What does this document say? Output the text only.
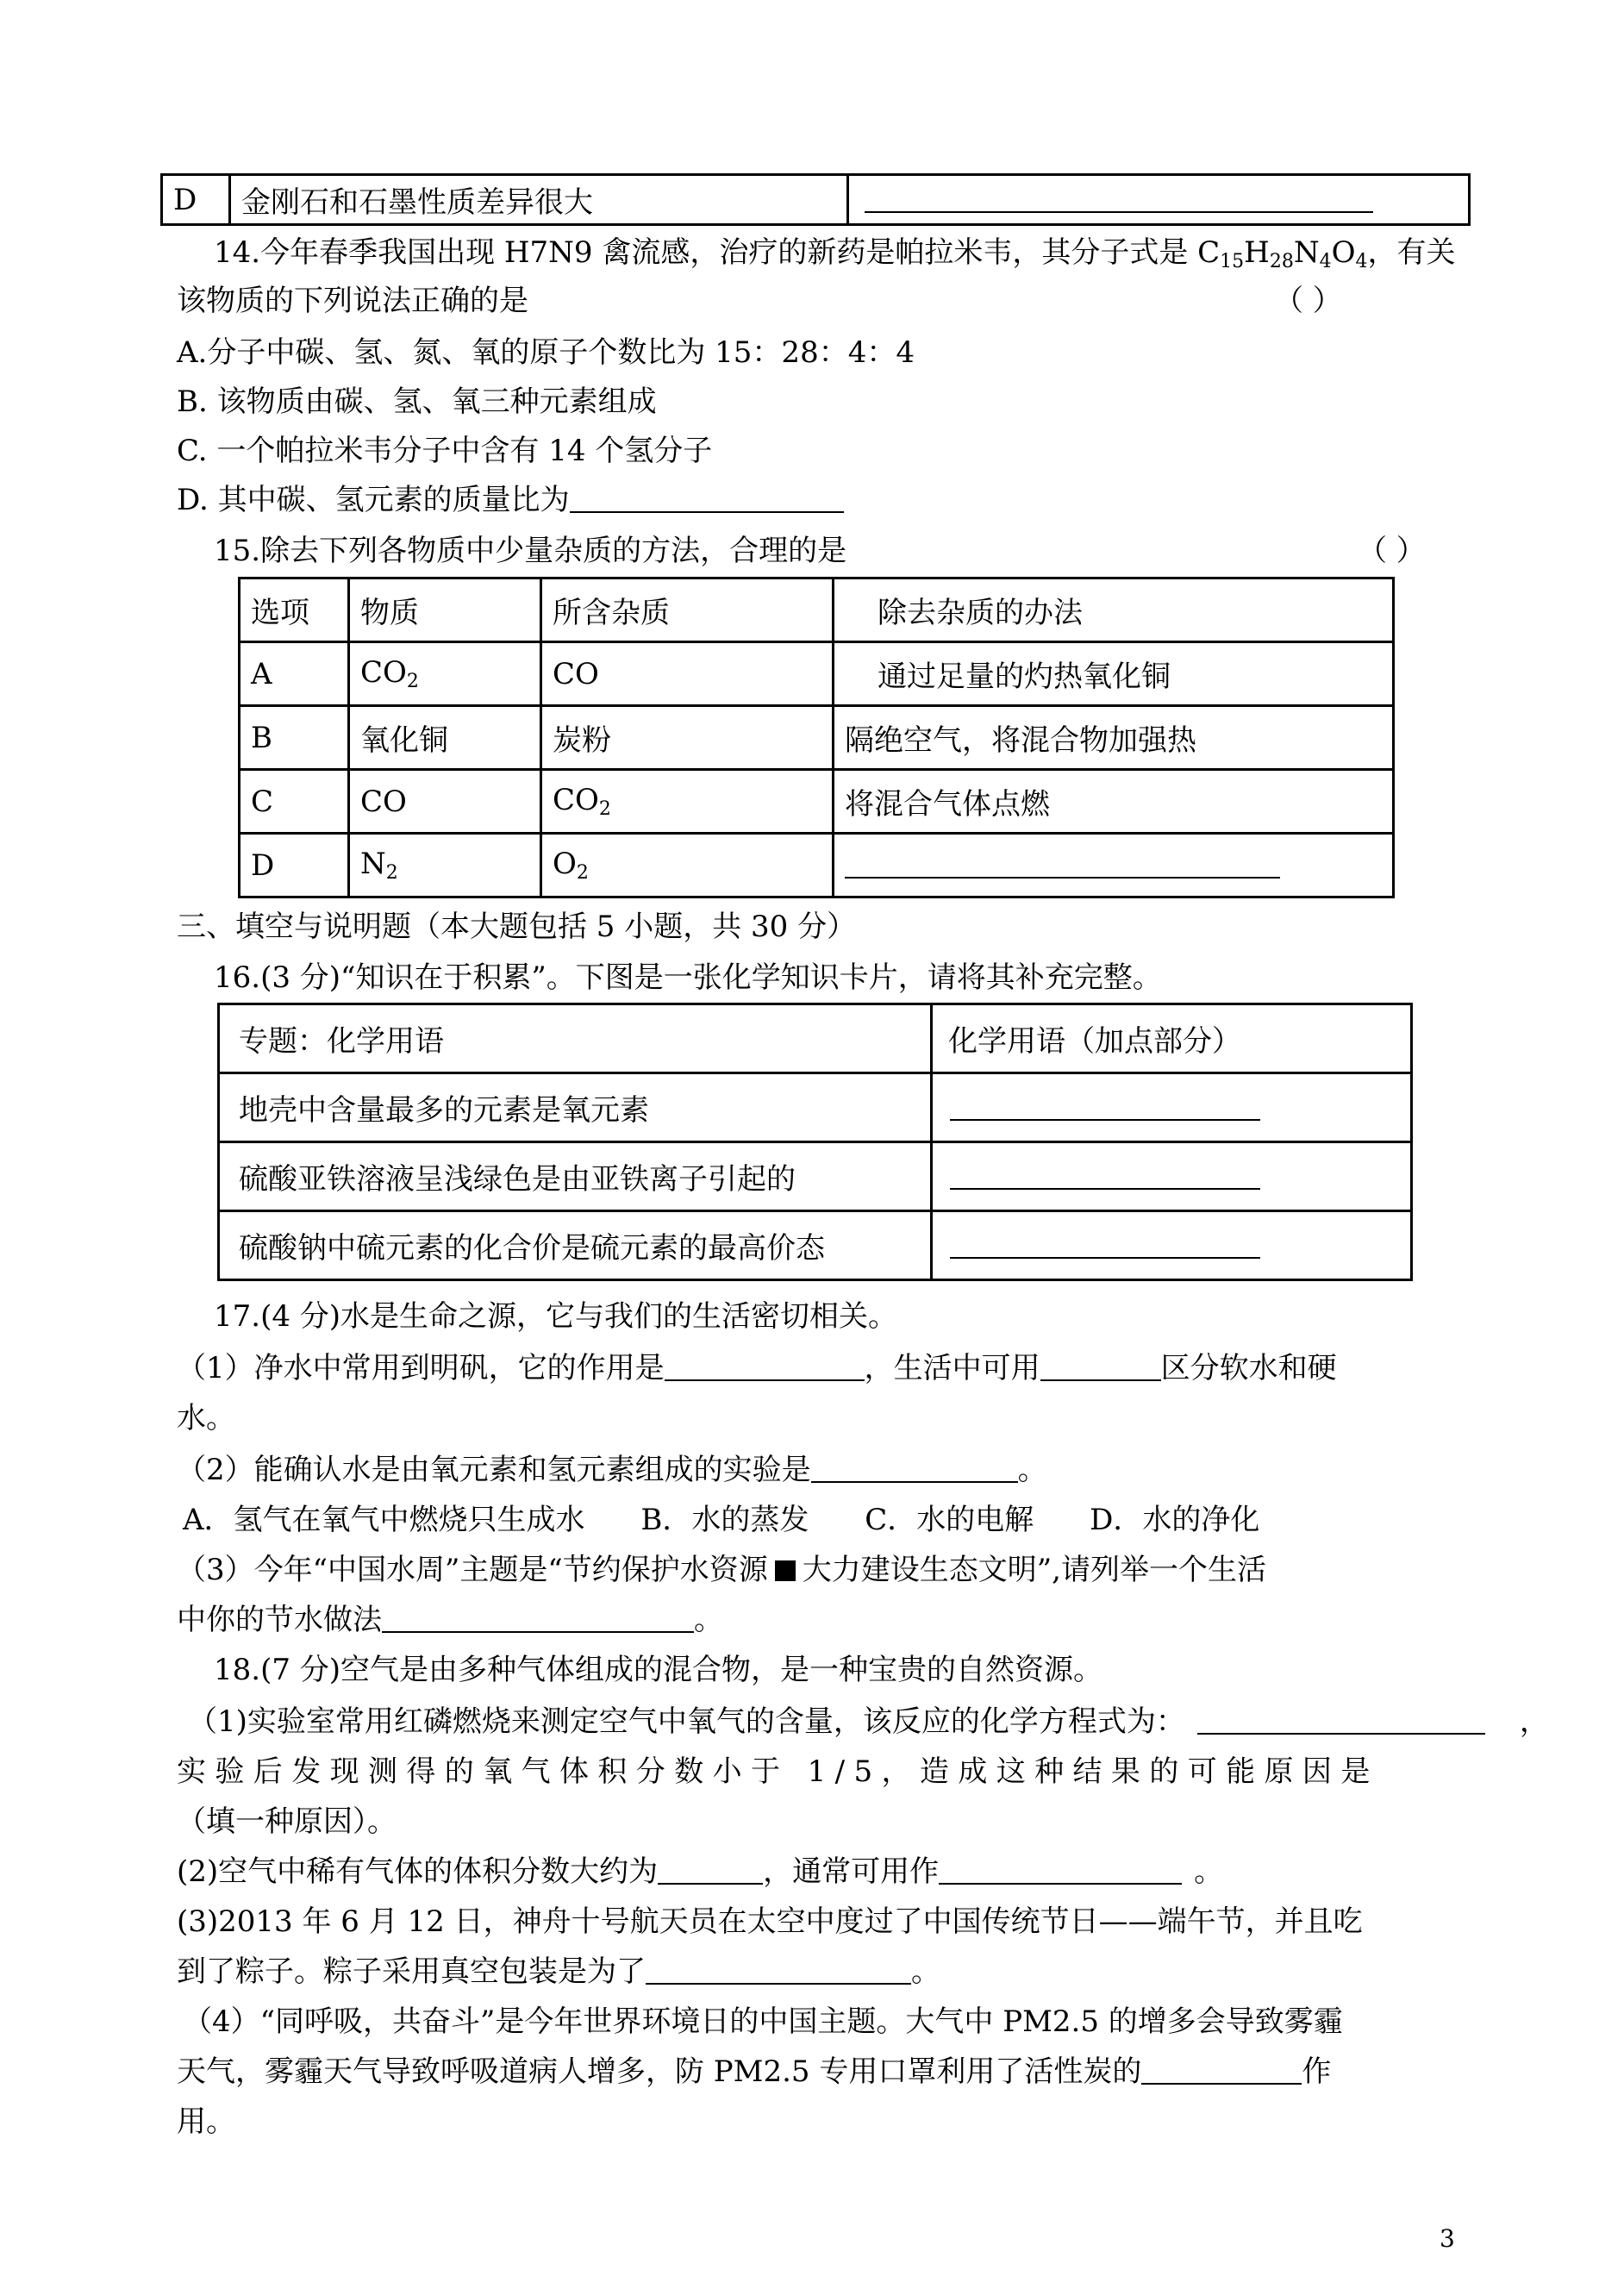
D	金刚石和石墨性质差异很大	
14.今年春季我国出现 H7N9 禽流感，治疗的新药是帕拉米韦，其分子式是 $C_{15}H_{28}N_4O_4$，有关
该物质的下列说法正确的是	（ ）
A.分子中碳、氢、氮、氧的原子个数比为 15：28：4：4
B. 该物质由碳、氢、氧三种元素组成
C. 一个帕拉米韦分子中含有 14 个氢分子
D. 其中碳、氢元素的质量比为
15.除去下列各物质中少量杂质的方法，合理的是	（ ）
选项	物质	所含杂质	除去杂质的办法
A	$CO_2$	CO	通过足量的灼热氧化铜
B	氧化铜	炭粉	隔绝空气，将混合物加强热
C	CO	$CO_2$	将混合气体点燃
D	$N_2$	$O_2$	
三、填空与说明题（本大题包括 5 小题，共 30 分）
16.(3 分)“知识在于积累”。下图是一张化学知识卡片，请将其补充完整。
专题：化学用语	化学用语（加点部分）
地壳中含量最多的元素是氧元素	
硫酸亚铁溶液呈浅绿色是由亚铁离子引起的	
硫酸钠中硫元素的化合价是硫元素的最高价态	
17.(4 分)水是生命之源，它与我们的生活密切相关。
（1）净水中常用到明矾，它的作用是	，生活中可用	区分软水和硬
水。
（2）能确认水是由氧元素和氢元素组成的实验是	。
A．氢气在氧气中燃烧只生成水      B．水的蒸发      C．水的电解      D．水的净化
（3）今年“中国水周”主题是“节约保护水资源 大力建设生态文明”,请列举一个生活
中你的节水做法	。
18.(7 分)空气是由多种气体组成的混合物，是一种宝贵的自然资源。
（1)实验室常用红磷燃烧来测定空气中氧气的含量，该反应的化学方程式为：	，
实验后发现测得的氧气体积分数小于 1/5，造成这种结果的可能原因是
（填一种原因）。
(2)空气中稀有气体的体积分数大约为	，通常可用作	。
(3)2013 年 6 月 12 日，神舟十号航天员在太空中度过了中国传统节日——端午节，并且吃
到了粽子。粽子采用真空包装是为了	。
（4）“同呼吸，共奋斗”是今年世界环境日的中国主题。大气中 PM2.5 的增多会导致雾霾
天气，雾霾天气导致呼吸道病人增多，防 PM2.5 专用口罩利用了活性炭的	作
用。
3
